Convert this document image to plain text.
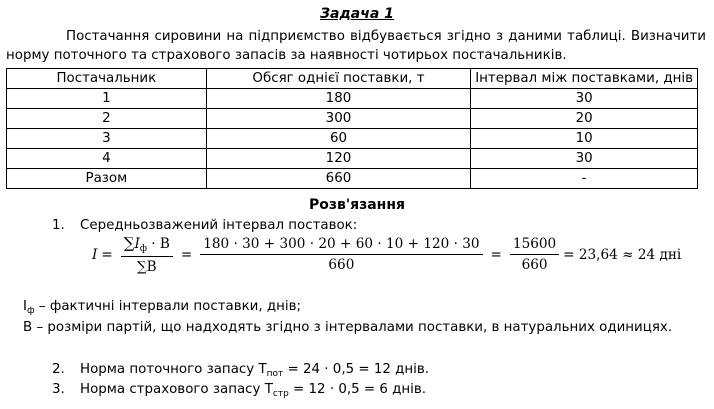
Задача 1
Постачання сировини на підприємство відбувається згідно з даними таблиці. Визначити норму поточного та страхового запасів за наявності чотирьох постачальників.
Постачальник	Обсяг однієї поставки, т	Інтервал між поставками, днів
1	180	30
2	300	20
3	60	10
4	120	30
Разом	660	-
Розв'язання
1. Середньозважений інтервал поставок:
$I = \frac{\sum I_ф \cdot B}{\sum B} = \frac{180 \cdot 30 + 300 \cdot 20 + 60 \cdot 10 + 120 \cdot 30}{660} = \frac{15600}{660} = 23,64 \approx 24$ дні
$I_ф$ – фактичні інтервали поставки, днів;
В – розміри партій, що надходять згідно з інтервалами поставки, в натуральних одиницях.
2. Норма поточного запасу $Т_{пот} = 24 \cdot 0,5 = 12$ днів.
3. Норма страхового запасу $Т_{стр} = 12 \cdot 0,5 = 6$ днів.
